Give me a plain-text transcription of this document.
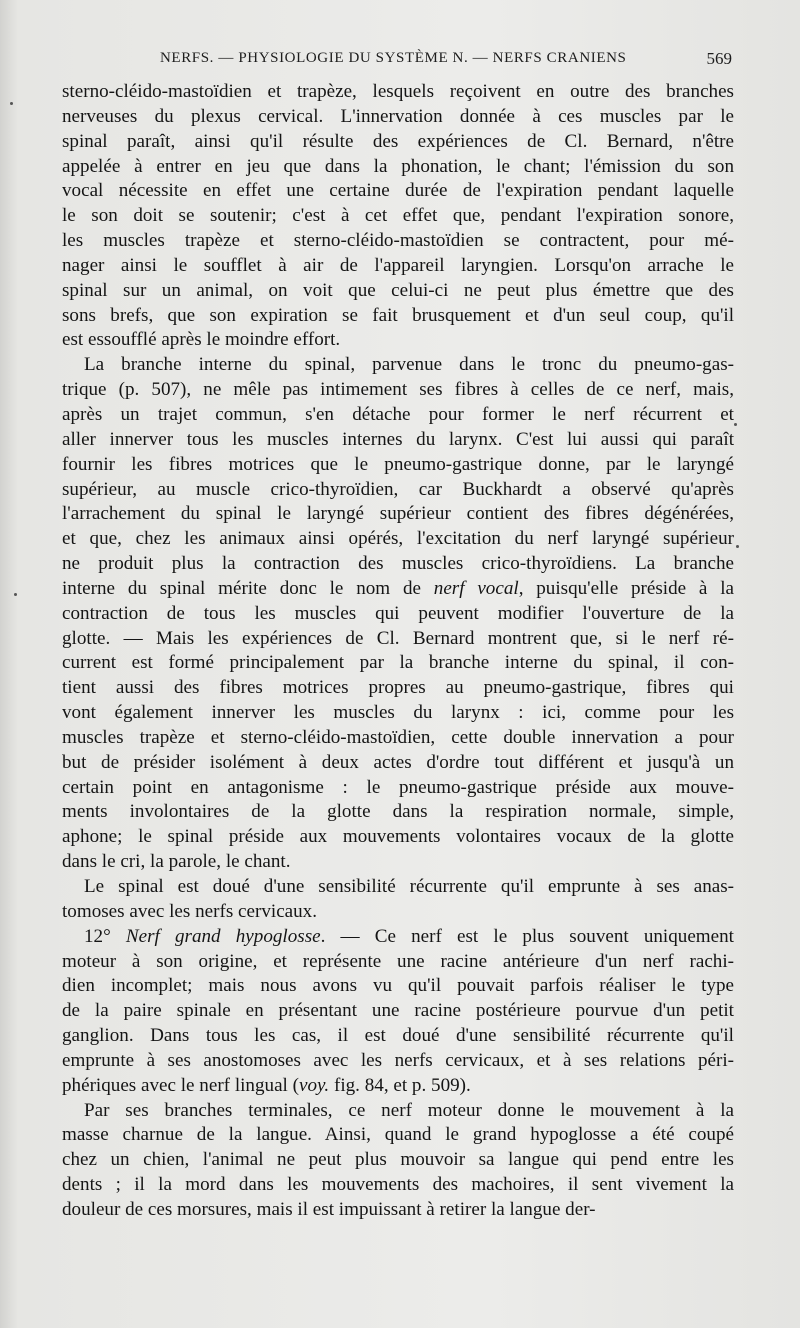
NERFS. — PHYSIOLOGIE DU SYSTÈME N. — NERFS CRANIENS	569
sterno-cléido-mastoïdien et trapèze, lesquels reçoivent en outre des branches
nerveuses du plexus cervical. L'innervation donnée à ces muscles par le
spinal paraît, ainsi qu'il résulte des expériences de Cl. Bernard, n'être
appelée à entrer en jeu que dans la phonation, le chant; l'émission du son
vocal nécessite en effet une certaine durée de l'expiration pendant laquelle
le son doit se soutenir; c'est à cet effet que, pendant l'expiration sonore,
les muscles trapèze et sterno-cléido-mastoïdien se contractent, pour mé-
nager ainsi le soufflet à air de l'appareil laryngien. Lorsqu'on arrache le
spinal sur un animal, on voit que celui-ci ne peut plus émettre que des
sons brefs, que son expiration se fait brusquement et d'un seul coup, qu'il
est essoufflé après le moindre effort.
La branche interne du spinal, parvenue dans le tronc du pneumo-gas-
trique (p. 507), ne mêle pas intimement ses fibres à celles de ce nerf, mais,
après un trajet commun, s'en détache pour former le nerf récurrent et
aller innerver tous les muscles internes du larynx. C'est lui aussi qui paraît
fournir les fibres motrices que le pneumo-gastrique donne, par le laryngé
supérieur, au muscle crico-thyroïdien, car Buckhardt a observé qu'après
l'arrachement du spinal le laryngé supérieur contient des fibres dégénérées,
et que, chez les animaux ainsi opérés, l'excitation du nerf laryngé supérieur
ne produit plus la contraction des muscles crico-thyroïdiens. La branche
interne du spinal mérite donc le nom de nerf vocal, puisqu'elle préside à la
contraction de tous les muscles qui peuvent modifier l'ouverture de la
glotte. — Mais les expériences de Cl. Bernard montrent que, si le nerf ré-
current est formé principalement par la branche interne du spinal, il con-
tient aussi des fibres motrices propres au pneumo-gastrique, fibres qui
vont également innerver les muscles du larynx : ici, comme pour les
muscles trapèze et sterno-cléido-mastoïdien, cette double innervation a pour
but de présider isolément à deux actes d'ordre tout différent et jusqu'à un
certain point en antagonisme : le pneumo-gastrique préside aux mouve-
ments involontaires de la glotte dans la respiration normale, simple,
aphone; le spinal préside aux mouvements volontaires vocaux de la glotte
dans le cri, la parole, le chant.
Le spinal est doué d'une sensibilité récurrente qu'il emprunte à ses anas-
tomoses avec les nerfs cervicaux.
12° Nerf grand hypoglosse. — Ce nerf est le plus souvent uniquement
moteur à son origine, et représente une racine antérieure d'un nerf rachi-
dien incomplet; mais nous avons vu qu'il pouvait parfois réaliser le type
de la paire spinale en présentant une racine postérieure pourvue d'un petit
ganglion. Dans tous les cas, il est doué d'une sensibilité récurrente qu'il
emprunte à ses anostomoses avec les nerfs cervicaux, et à ses relations péri-
phériques avec le nerf lingual (voy. fig. 84, et p. 509).
Par ses branches terminales, ce nerf moteur donne le mouvement à la
masse charnue de la langue. Ainsi, quand le grand hypoglosse a été coupé
chez un chien, l'animal ne peut plus mouvoir sa langue qui pend entre les
dents ; il la mord dans les mouvements des machoires, il sent vivement la
douleur de ces morsures, mais il est impuissant à retirer la langue der-
